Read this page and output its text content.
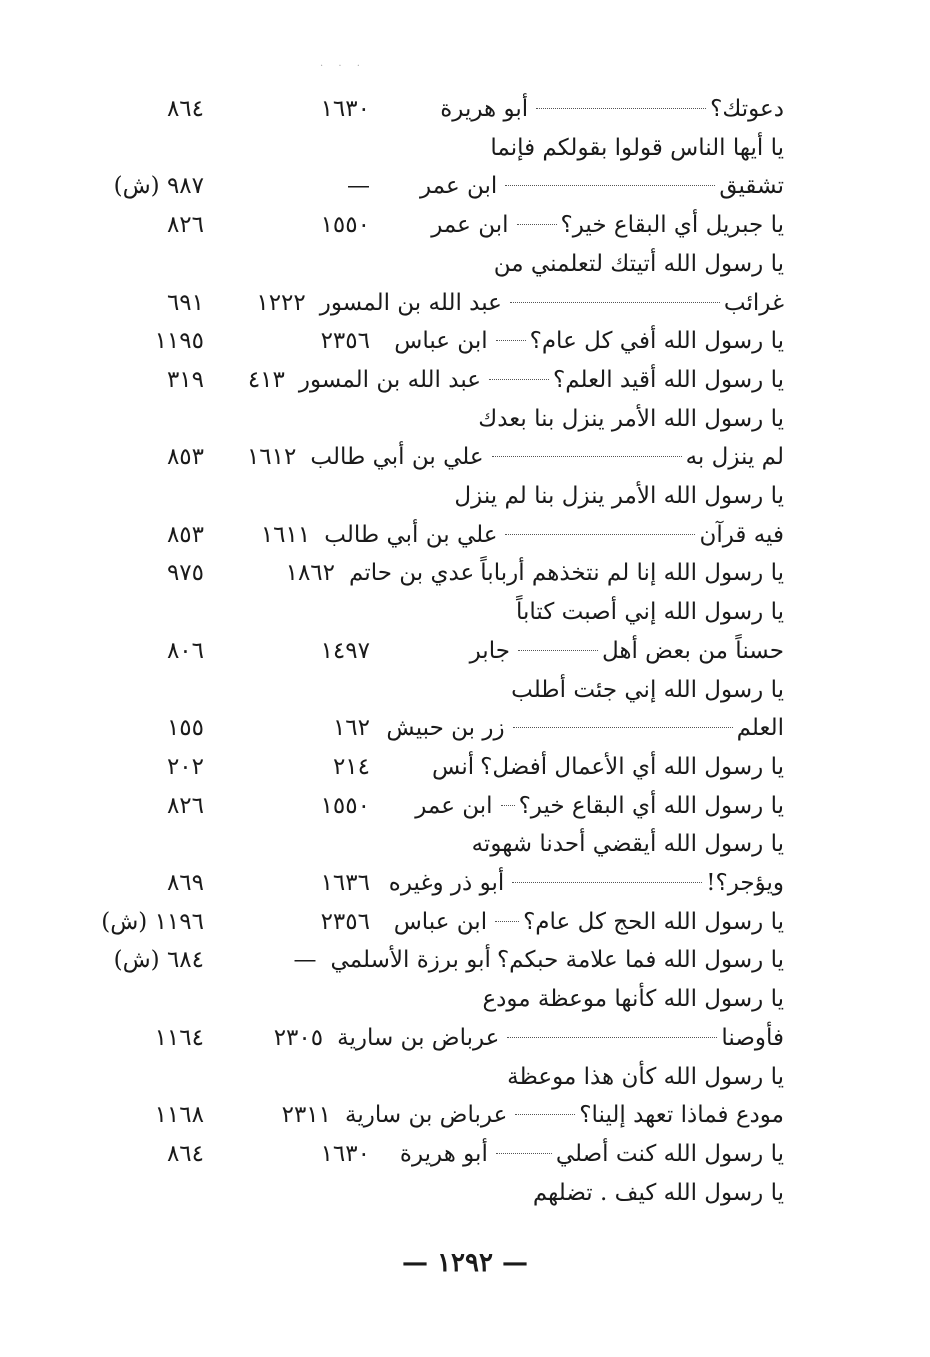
. . .
دعوتك؟
أبو هريرة
١٦٣٠
٨٦٤
يا أيها الناس قولوا بقولكم فإنما
تشقيق
ابن عمر
—
٩٨٧ (ش)
يا جبريل أي البقاع خير؟
ابن عمر
١٥٥٠
٨٢٦
يا رسول الله أتيتك لتعلمني من
غرائب
عبد الله بن المسور
١٢٢٢
٦٩١
يا رسول الله أفي كل عام؟
ابن عباس
٢٣٥٦
١١٩٥
يا رسول الله أقيد العلم؟
عبد الله بن المسور
٤١٣
٣١٩
يا رسول الله الأمر ينزل بنا بعدك
لم ينزل به
علي بن أبي طالب
١٦١٢
٨٥٣
يا رسول الله الأمر ينزل بنا لم ينزل
فيه قرآن
علي بن أبي طالب
١٦١١
٨٥٣
يا رسول الله إنا لم نتخذهم أرباباً
عدي بن حاتم
١٨٦٢
٩٧٥
يا رسول الله إني أصبت كتاباً
حسناً من بعض أهل
جابر
١٤٩٧
٨٠٦
يا رسول الله إني جئت أطلب
العلم
زر بن حبيش
١٦٢
١٥٥
يا رسول الله أي الأعمال أفضل؟
أنس
٢١٤
٢٠٢
يا رسول الله أي البقاع خير؟
ابن عمر
١٥٥٠
٨٢٦
يا رسول الله أيقضي أحدنا شهوته
ويؤجر؟!
أبو ذر وغيره
١٦٣٦
٨٦٩
يا رسول الله الحج كل عام؟
ابن عباس
٢٣٥٦
١١٩٦ (ش)
يا رسول الله فما علامة حبكم؟
أبو برزة الأسلمي
—
٦٨٤ (ش)
يا رسول الله كأنها موعظة مودع
فأوصنا
عرباض بن سارية
٢٣٠٥
١١٦٤
يا رسول الله كأن هذا موعظة
مودع فماذا تعهد إلينا؟
عرباض بن سارية
٢٣١١
١١٦٨
يا رسول الله كنت أصلي
أبو هريرة
١٦٣٠
٨٦٤
يا رسول الله كيف . تضلهم
— ١٢٩٢ —
